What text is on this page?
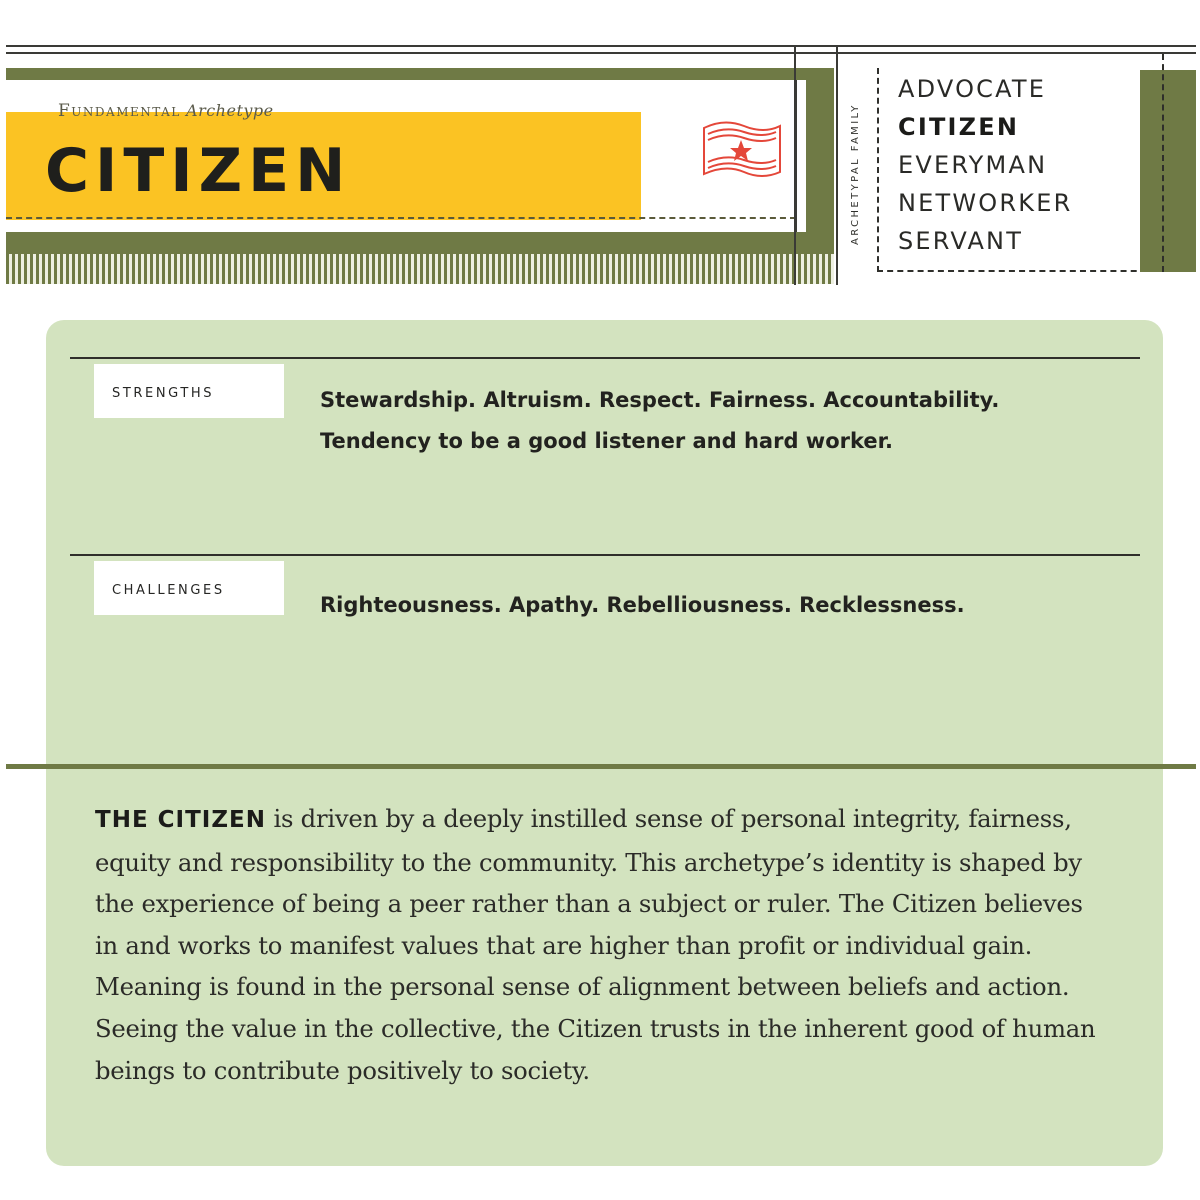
Fundamental Archetype
CITIZEN	ARCHETYPAL FAMILY
ADVOCATE
CITIZEN
EVERYMAN
NETWORKER
SERVANT
STRENGTHS	Stewardship. Altruism. Respect. Fairness. Accountability.
Tendency to be a good listener and hard worker.

CHALLENGES

Righteousness. Apathy. Rebelliousness. Recklessness.

THE CITIZEN is driven by a deeply instilled sense of personal integrity, fairness, equity and responsibility to the community. This archetype’s identity is shaped by the experience of being a peer rather than a subject or ruler. The Citizen believes in and works to manifest values that are higher than profit or individual gain. Meaning is found in the personal sense of alignment between beliefs and action. Seeing the value in the collective, the Citizen trusts in the inherent good of human beings to contribute positively to society.
